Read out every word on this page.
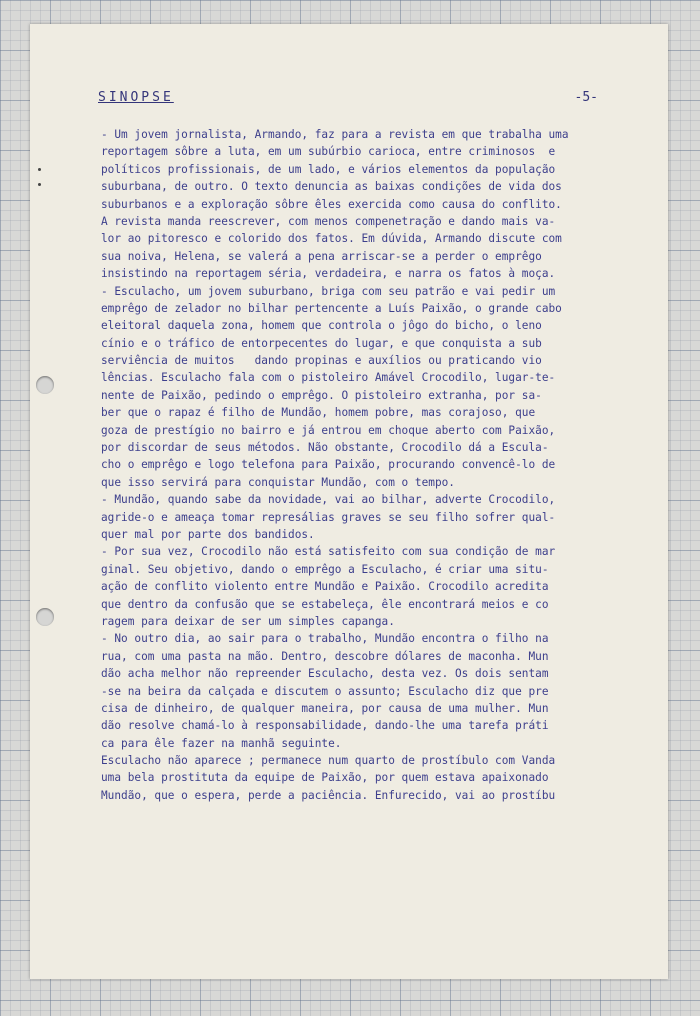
SINOPSE	-5-
- Um jovem jornalista, Armando, faz para a revista em que trabalha uma
reportagem sôbre a luta, em um subúrbio carioca, entre criminosos  e
políticos profissionais, de um lado, e vários elementos da população
suburbana, de outro. O texto denuncia as baixas condições de vida dos
suburbanos e a exploração sôbre êles exercida como causa do conflito.
A revista manda reescrever, com menos compenetração e dando mais va-
lor ao pitoresco e colorido dos fatos. Em dúvida, Armando discute com
sua noiva, Helena, se valerá a pena arriscar-se a perder o emprêgo
insistindo na reportagem séria, verdadeira, e narra os fatos à moça.
- Esculacho, um jovem suburbano, briga com seu patrão e vai pedir um
emprêgo de zelador no bilhar pertencente a Luís Paixão, o grande cabo
eleitoral daquela zona, homem que controla o jôgo do bicho, o leno
cínio e o tráfico de entorpecentes do lugar, e que conquista a sub
serviência de muitos   dando propinas e auxílios ou praticando vio
lências. Esculacho fala com o pistoleiro Amável Crocodilo, lugar-te-
nente de Paixão, pedindo o emprêgo. O pistoleiro extranha, por sa-
ber que o rapaz é filho de Mundão, homem pobre, mas corajoso, que
goza de prestígio no bairro e já entrou em choque aberto com Paixão,
por discordar de seus métodos. Não obstante, Crocodilo dá a Escula-
cho o emprêgo e logo telefona para Paixão, procurando convencê-lo de
que isso servirá para conquistar Mundão, com o tempo.
- Mundão, quando sabe da novidade, vai ao bilhar, adverte Crocodilo,
agride-o e ameaça tomar represálias graves se seu filho sofrer qual-
quer mal por parte dos bandidos.
- Por sua vez, Crocodilo não está satisfeito com sua condição de mar
ginal. Seu objetivo, dando o emprêgo a Esculacho, é criar uma situ-
ação de conflito violento entre Mundão e Paixão. Crocodilo acredita
que dentro da confusão que se estabeleça, êle encontrará meios e co
ragem para deixar de ser um simples capanga.
- No outro dia, ao sair para o trabalho, Mundão encontra o filho na
rua, com uma pasta na mão. Dentro, descobre dólares de maconha. Mun
dão acha melhor não repreender Esculacho, desta vez. Os dois sentam
-se na beira da calçada e discutem o assunto; Esculacho diz que pre
cisa de dinheiro, de qualquer maneira, por causa de uma mulher. Mun
dão resolve chamá-lo à responsabilidade, dando-lhe uma tarefa práti
ca para êle fazer na manhã seguinte.
Esculacho não aparece ; permanece num quarto de prostíbulo com Vanda
uma bela prostituta da equipe de Paixão, por quem estava apaixonado
Mundão, que o espera, perde a paciência. Enfurecido, vai ao prostíbu
